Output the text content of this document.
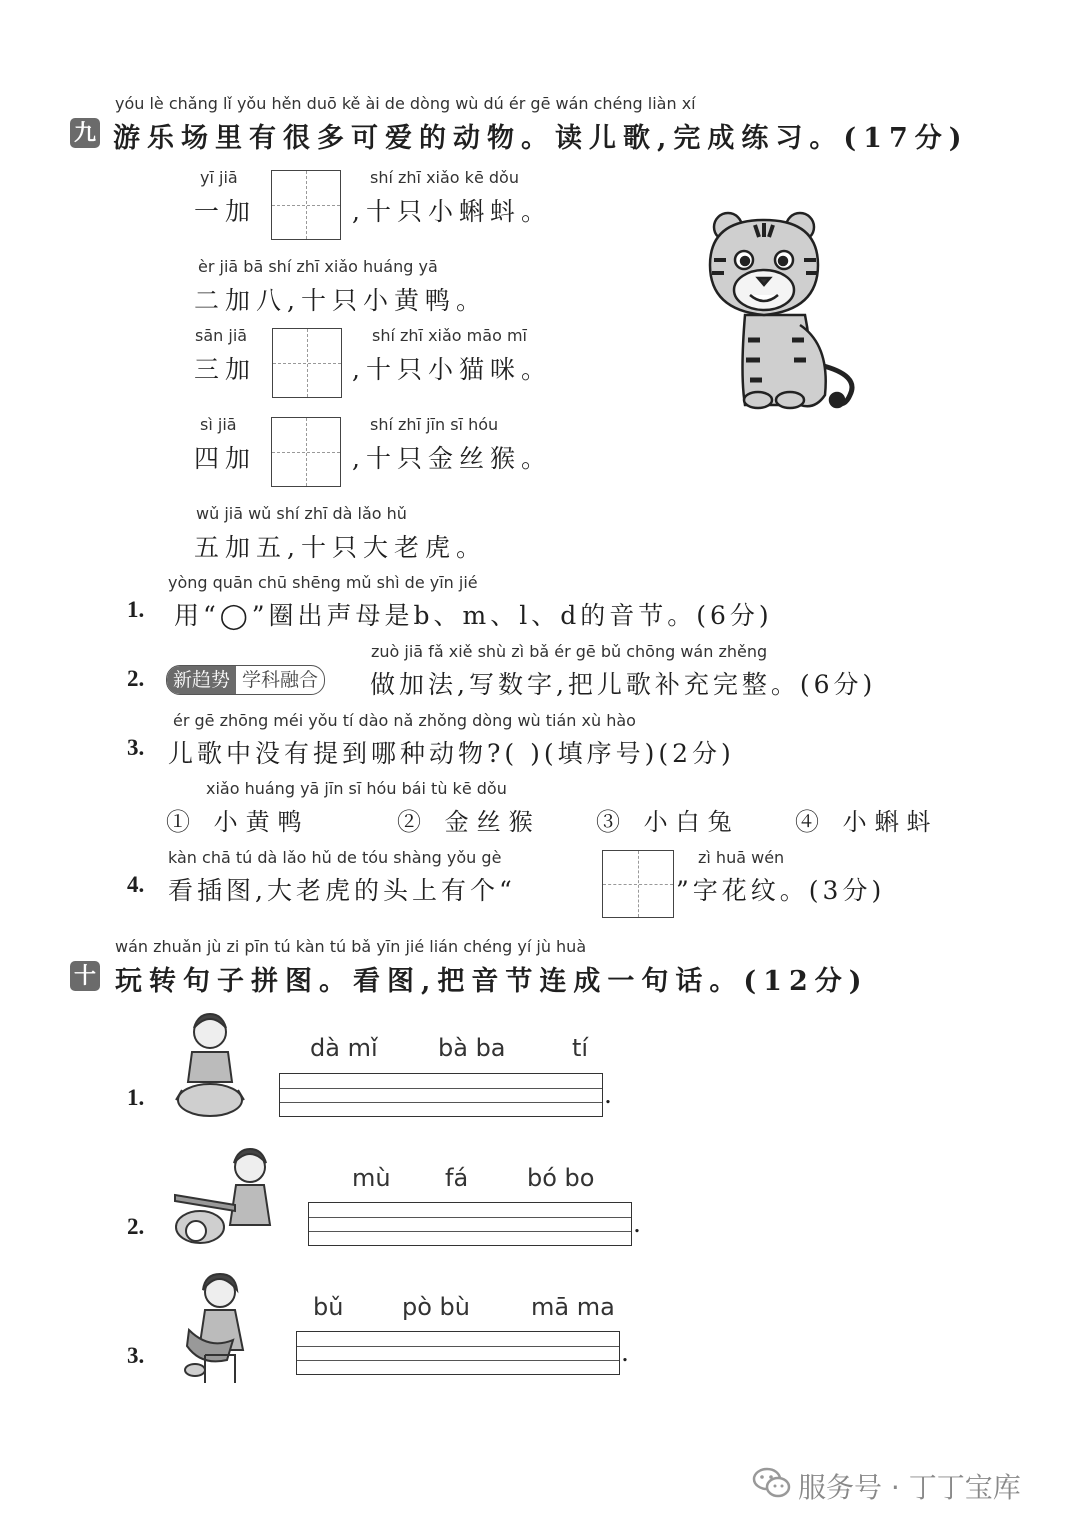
yóu lè chǎng lǐ yǒu hěn duō kě ài de dòng wù dú ér gē wán chéng liàn xí
九 游乐场里有很多可爱的动物。读儿歌,完成练习。(17分)
yī jiā
一加
shí zhī xiǎo kē dǒu
,十只小蝌蚪。
èr jiā bā shí zhī xiǎo huáng yā
二加八,十只小黄鸭。
sān jiā
三加
shí zhī xiǎo māo mī
,十只小猫咪。
sì jiā
四加
shí zhī jīn sī hóu
,十只金丝猴。
wǔ jiā wǔ shí zhī dà lǎo hǔ
五加五,十只大老虎。
yòng quān chū shēng mǔ shì de yīn jié
1. 用“◯”圈出声母是b、m、l、d的音节。(6分)
zuò jiā fǎ xiě shù zì bǎ ér gē bǔ chōng wán zhěng
2.	新趋势 学科融合 做加法,写数字,把儿歌补充完整。(6分)
ér gē zhōng méi yǒu tí dào nǎ zhǒng dòng wù tián xù hào
3. 儿歌中没有提到哪种动物?( )(填序号)(2分)
xiǎo huáng yā jīn sī hóu bái tù kē dǒu
① 小黄鸭	② 金丝猴 ③ 小白兔 ④ 小蝌蚪
kàn chā tú dà lǎo hǔ de tóu shàng yǒu gè
4. 看插图,大老虎的头上有个“
zì huā wén
”字花纹。(3分)
wán zhuǎn jù zi pīn tú kàn tú bǎ yīn jié lián chéng yí jù huà
十 玩转句子拼图。看图,把音节连成一句话。(12分)
1.
dà mǐ	bà ba	tí
.
2.
mù fá bó bo
.
3.
bǔ pò bù	mā ma
.
服务号 · 丁丁宝库
